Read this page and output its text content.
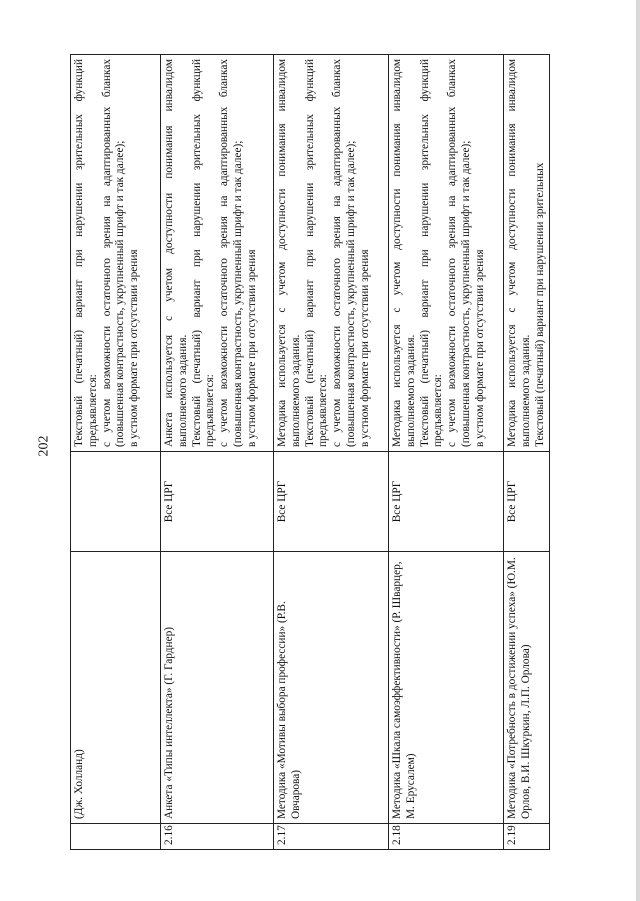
202
	(Дж. Холланд)		Текстовый (печатный) вариант при нарушении зрительных функций предъявляется: с учетом возможности остаточного зрения на адаптированных бланках (повышенная контрастность, укрупненный шрифт и так далее); в устном формате при отсутствии зрения

2.16	Анкета «Типы интеллекта» (Г. Гарднер)	Все ЦРГ	Анкета используется с учетом доступности понимания инвалидом выполняемого задания. Текстовый (печатный) вариант при нарушении зрительных функций предъявляется: с учетом возможности остаточного зрения на адаптированных бланках (повышенная контрастность, укрупненный шрифт и так далее); в устном формате при отсутствии зрения

2.17	Методика «Мотивы выбора профессии» (Р.В. Овчарова)	Все ЦРГ	Методика используется с учетом доступности понимания инвалидом выполняемого задания. Текстовый (печатный) вариант при нарушении зрительных функций предъявляется: с учетом возможности остаточного зрения на адаптированных бланках (повышенная контрастность, укрупненный шрифт и так далее); в устном формате при отсутствии зрения

2.18	Методика «Шкала самоэффективности» (Р. Шварцер, М. Ерусалем)	Все ЦРГ	Методика используется с учетом доступности понимания инвалидом выполняемого задания. Текстовый (печатный) вариант при нарушении зрительных функций предъявляется: с учетом возможности остаточного зрения на адаптированных бланках (повышенная контрастность, укрупненный шрифт и так далее); в устном формате при отсутствии зрения

2.19	Методика «Потребность в достижении успеха» (Ю.М. Орлов, В.И. Шкуркин, Л.П. Орлова)	Все ЦРГ	Методика используется с учетом доступности понимания инвалидом выполняемого задания. Текстовый (печатный) вариант при нарушении зрительных
